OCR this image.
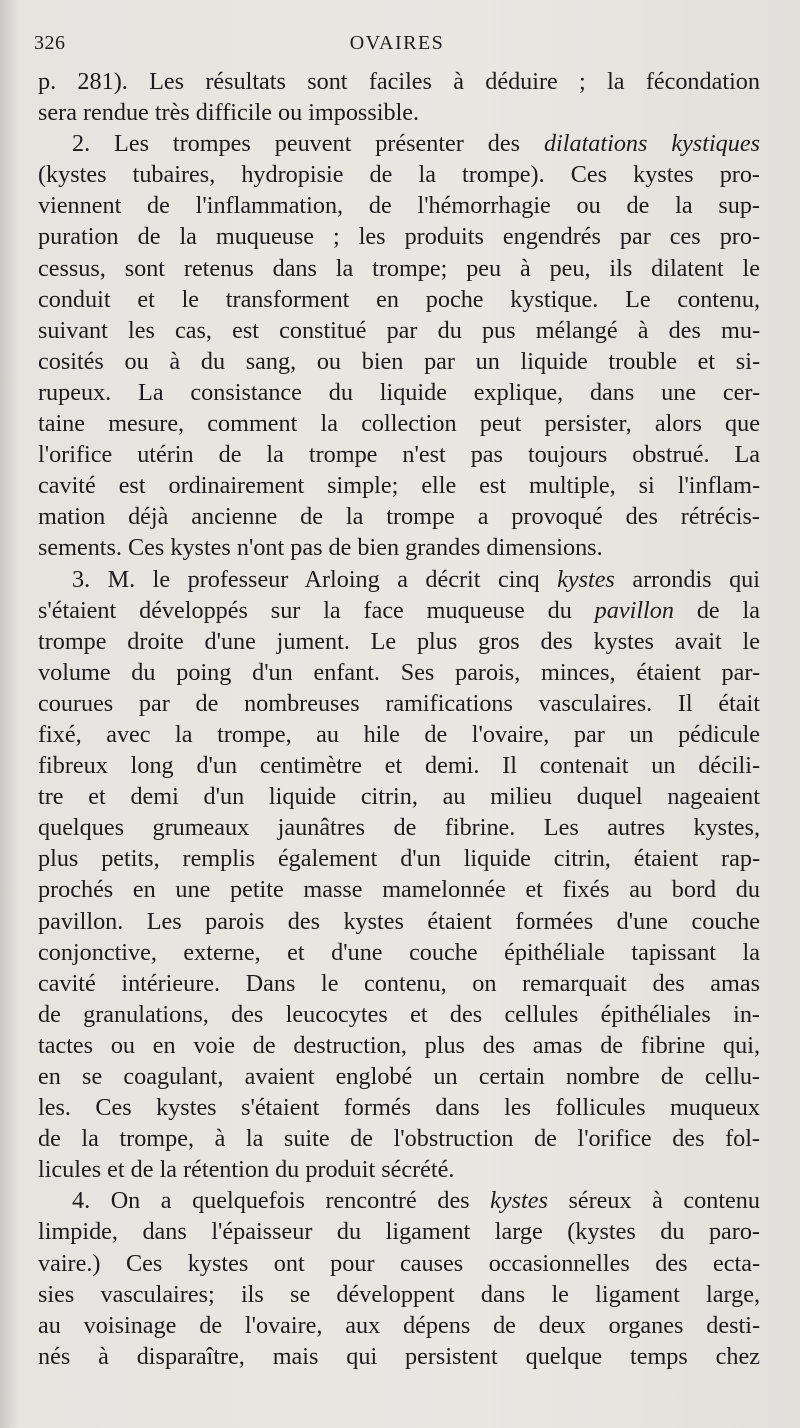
326	OVAIRES
p. 281). Les résultats sont faciles à déduire ; la fécondation
sera rendue très difficile ou impossible.
2. Les trompes peuvent présenter des dilatations kystiques
(kystes tubaires, hydropisie de la trompe). Ces kystes pro-
viennent de l'inflammation, de l'hémorrhagie ou de la sup-
puration de la muqueuse ; les produits engendrés par ces pro-
cessus, sont retenus dans la trompe; peu à peu, ils dilatent le
conduit et le transforment en poche kystique. Le contenu,
suivant les cas, est constitué par du pus mélangé à des mu-
cosités ou à du sang, ou bien par un liquide trouble et si-
rupeux. La consistance du liquide explique, dans une cer-
taine mesure, comment la collection peut persister, alors que
l'orifice utérin de la trompe n'est pas toujours obstrué. La
cavité est ordinairement simple; elle est multiple, si l'inflam-
mation déjà ancienne de la trompe a provoqué des rétrécis-
sements. Ces kystes n'ont pas de bien grandes dimensions.
3. M. le professeur Arloing a décrit cinq kystes arrondis qui
s'étaient développés sur la face muqueuse du pavillon de la
trompe droite d'une jument. Le plus gros des kystes avait le
volume du poing d'un enfant. Ses parois, minces, étaient par-
courues par de nombreuses ramifications vasculaires. Il était
fixé, avec la trompe, au hile de l'ovaire, par un pédicule
fibreux long d'un centimètre et demi. Il contenait un décili-
tre et demi d'un liquide citrin, au milieu duquel nageaient
quelques grumeaux jaunâtres de fibrine. Les autres kystes,
plus petits, remplis également d'un liquide citrin, étaient rap-
prochés en une petite masse mamelonnée et fixés au bord du
pavillon. Les parois des kystes étaient formées d'une couche
conjonctive, externe, et d'une couche épithéliale tapissant la
cavité intérieure. Dans le contenu, on remarquait des amas
de granulations, des leucocytes et des cellules épithéliales in-
tactes ou en voie de destruction, plus des amas de fibrine qui,
en se coagulant, avaient englobé un certain nombre de cellu-
les. Ces kystes s'étaient formés dans les follicules muqueux
de la trompe, à la suite de l'obstruction de l'orifice des fol-
licules et de la rétention du produit sécrété.
4. On a quelquefois rencontré des kystes séreux à contenu
limpide, dans l'épaisseur du ligament large (kystes du paro-
vaire.) Ces kystes ont pour causes occasionnelles des ecta-
sies vasculaires; ils se développent dans le ligament large,
au voisinage de l'ovaire, aux dépens de deux organes desti-
nés à disparaître, mais qui persistent quelque temps chez
